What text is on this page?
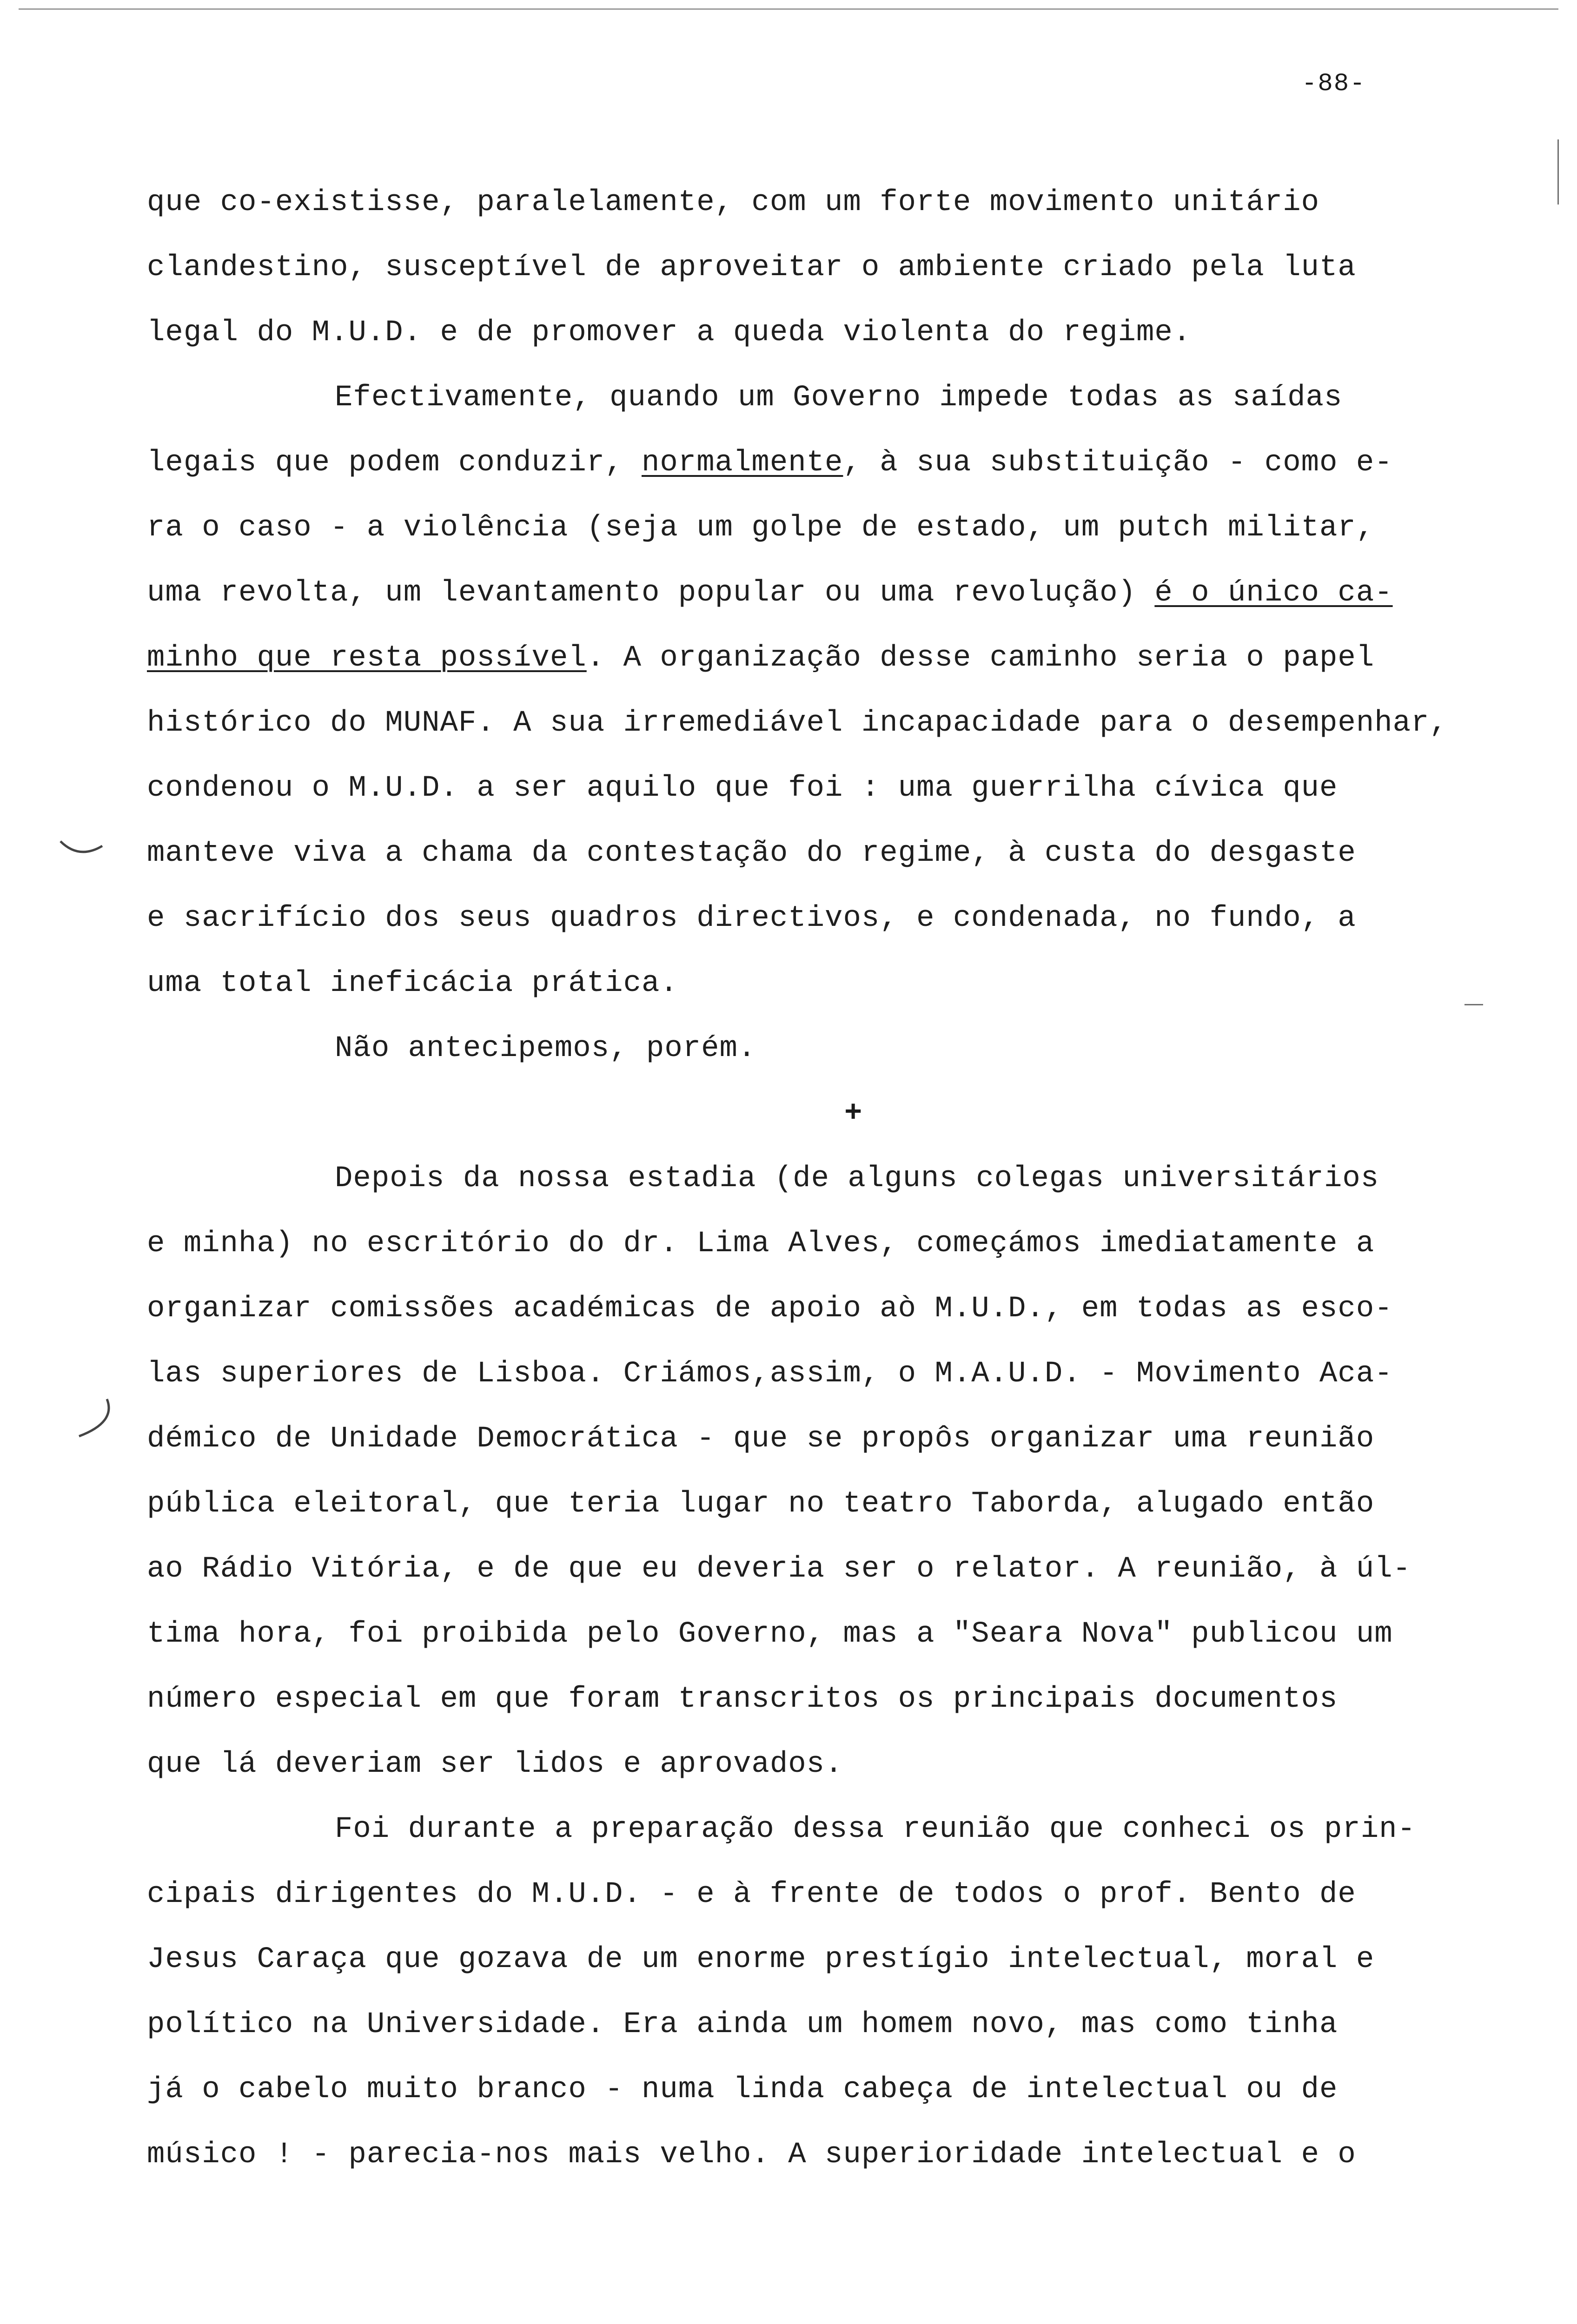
-88-
que co-existisse, paralelamente, com um forte movimento unitário
clandestino, susceptível de aproveitar o ambiente criado pela luta
legal do M.U.D. e de promover a queda violenta do regime.
Efectivamente, quando um Governo impede todas as saídas
legais que podem conduzir, normalmente, à sua substituição - como e-
ra o caso - a violência (seja um golpe de estado, um putch militar,
uma revolta, um levantamento popular ou uma revolução) é o único ca-
minho que resta possível. A organização desse caminho seria o papel
histórico do MUNAF. A sua irremediável incapacidade para o desempenhar,
condenou o M.U.D. a ser aquilo que foi : uma guerrilha cívica que
manteve viva a chama da contestação do regime, à custa do desgaste
e sacrifício dos seus quadros directivos, e condenada, no fundo, a
uma total ineficácia prática.
Não antecipemos, porém.
+
Depois da nossa estadia (de alguns colegas universitários
e minha) no escritório do dr. Lima Alves, começámos imediatamente a
organizar comissões académicas de apoio aò M.U.D., em todas as esco-
las superiores de Lisboa. Criámos,assim, o M.A.U.D. - Movimento Aca-
démico de Unidade Democrática - que se propôs organizar uma reunião
pública eleitoral, que teria lugar no teatro Taborda, alugado então
ao Rádio Vitória, e de que eu deveria ser o relator. A reunião, à úl-
tima hora, foi proibida pelo Governo, mas a "Seara Nova" publicou um
número especial em que foram transcritos os principais documentos
que lá deveriam ser lidos e aprovados.
Foi durante a preparação dessa reunião que conheci os prin-
cipais dirigentes do M.U.D. - e à frente de todos o prof. Bento de
Jesus Caraça que gozava de um enorme prestígio intelectual, moral e
político na Universidade. Era ainda um homem novo, mas como tinha
já o cabelo muito branco - numa linda cabeça de intelectual ou de
músico ! - parecia-nos mais velho. A superioridade intelectual e o
